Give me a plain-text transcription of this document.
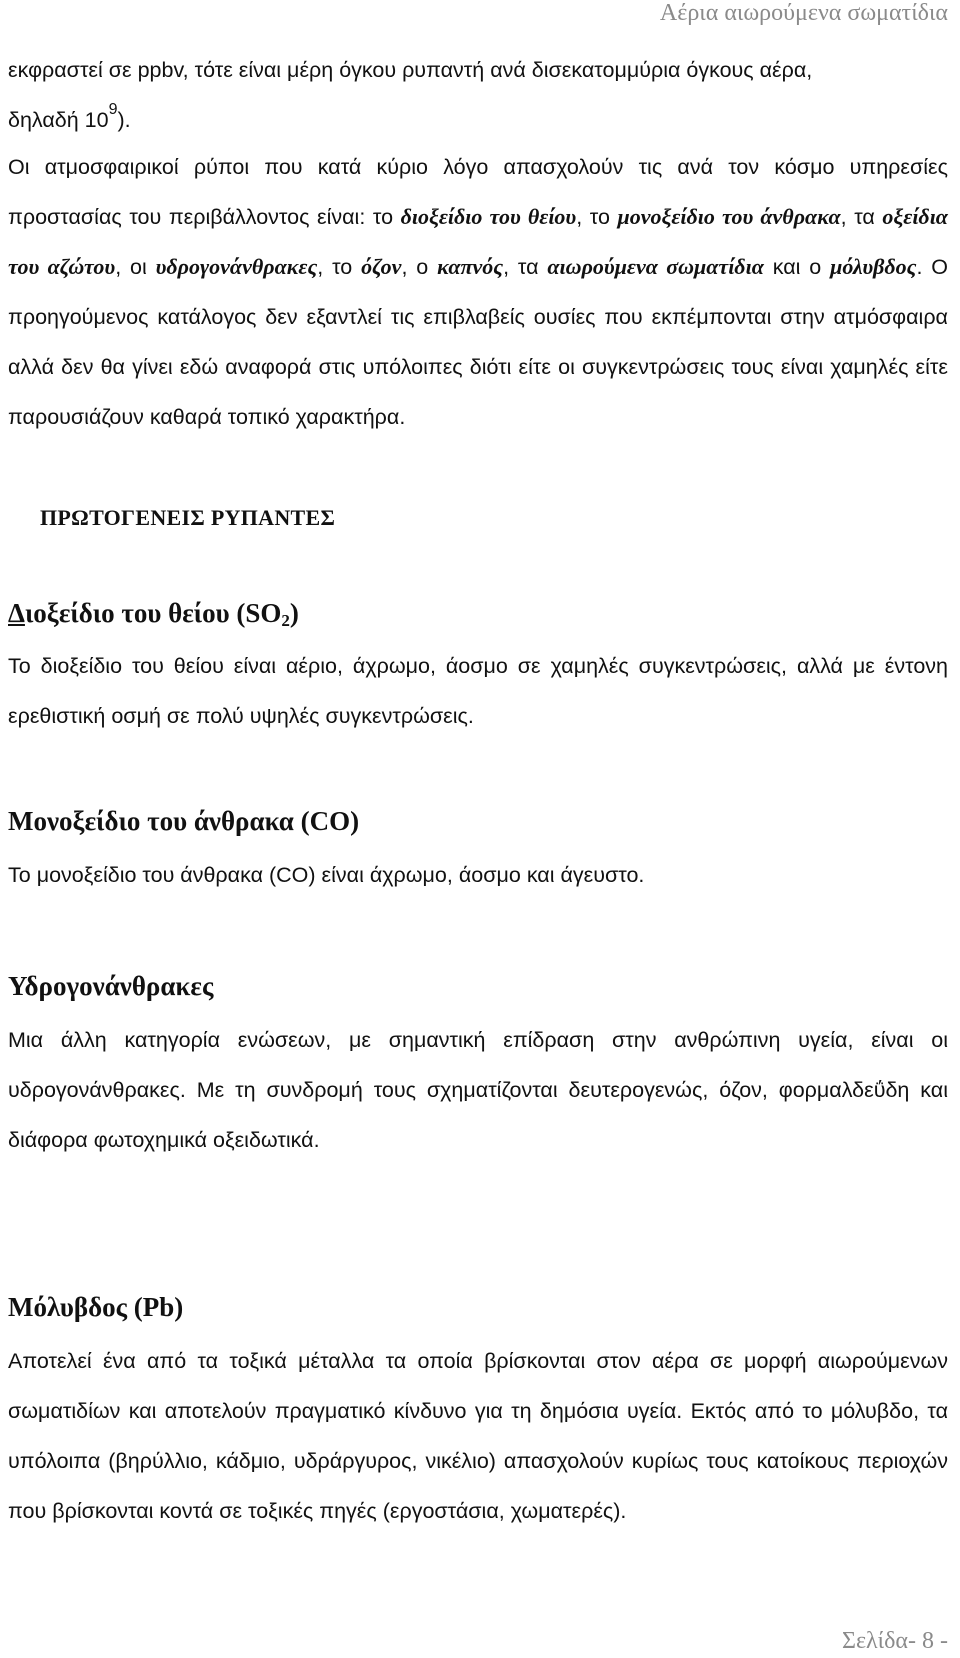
Αέρια αιωρούμενα σωματίδια

εκφραστεί σε ppbv, τότε είναι μέρη όγκου ρυπαντή ανά δισεκατομμύρια όγκους αέρα,
δηλαδή $10^9$).

Οι ατμοσφαιρικοί ρύποι που κατά κύριο λόγο απασχολούν τις ανά τον κόσμο υπηρεσίες προστασίας του περιβάλλοντος είναι: το διοξείδιο του θείου, το μονοξείδιο του άνθρακα, τα οξείδια του αζώτου, οι υδρογονάνθρακες, το όζον, ο καπνός, τα αιωρούμενα σωματίδια και ο μόλυβδος. Ο προηγούμενος κατάλογος δεν εξαντλεί τις επιβλαβείς ουσίες που εκπέμπονται στην ατμόσφαιρα αλλά δεν θα γίνει εδώ αναφορά στις υπόλοιπες διότι είτε οι συγκεντρώσεις τους είναι χαμηλές είτε παρουσιάζουν καθαρά τοπικό χαρακτήρα.

ΠΡΩΤΟΓΕΝΕΙΣ ΡΥΠΑΝΤΕΣ
Διοξείδιο του θείου $(SO_2)$

Το διοξείδιο του θείου είναι αέριο, άχρωμο, άοσμο σε χαμηλές συγκεντρώσεις, αλλά με έντονη ερεθιστική οσμή σε πολύ υψηλές συγκεντρώσεις.

Μονοξείδιο του άνθρακα (CO)

Το μονοξείδιο του άνθρακα (CO) είναι άχρωμο, άοσμο και άγευστο.

Υδρογονάνθρακες

Μια άλλη κατηγορία ενώσεων, με σημαντική επίδραση στην ανθρώπινη υγεία, είναι οι υδρογονάνθρακες. Με τη συνδρομή τους σχηματίζονται δευτερογενώς, όζον, φορμαλδεΰδη και διάφορα φωτοχημικά οξειδωτικά.

Μόλυβδος (Pb)

Αποτελεί ένα από τα τοξικά μέταλλα τα οποία βρίσκονται στον αέρα σε μορφή αιωρούμενων σωματιδίων και αποτελούν πραγματικό κίνδυνο για τη δημόσια υγεία. Εκτός από το μόλυβδο, τα υπόλοιπα (βηρύλλιο, κάδμιο, υδράργυρος, νικέλιο) απασχολούν κυρίως τους κατοίκους περιοχών που βρίσκονται κοντά σε τοξικές πηγές (εργοστάσια, χωματερές).

Σελίδα- 8 -
